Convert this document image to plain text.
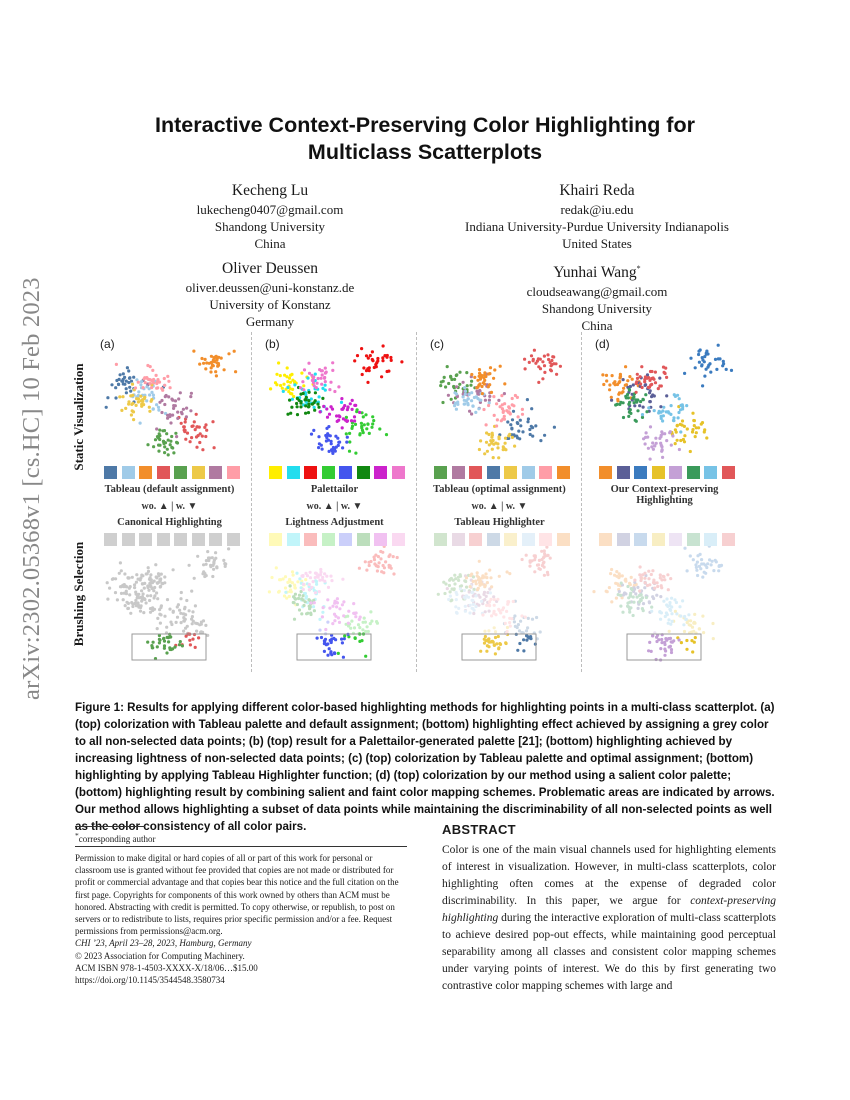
arXiv:2302.05368v1 [cs.HC] 10 Feb 2023
Interactive Context-Preserving Color Highlighting for
Multiclass Scatterplots
Kecheng Lu
lukecheng0407@gmail.com
Shandong University
China
Khairi Reda
redak@iu.edu
Indiana University-Purdue University Indianapolis
United States
Oliver Deussen
oliver.deussen@uni-konstanz.de
University of Konstanz
Germany
Yunhai Wang*
cloudseawang@gmail.com
Shandong University
China
Static Visualization
Brushing Selection
(a)
Tableau (default assignment)
wo. ▲ | w. ▼
Canonical Highlighting
(b)
Palettailor
wo. ▲ | w. ▼
Lightness Adjustment
(c)
Tableau (optimal assignment)
wo. ▲ | w. ▼
Tableau Highlighter
(d)
Our Context-preserving Highlighting
Figure 1: Results for applying different color-based highlighting methods for highlighting points in a multi-class scatterplot. (a) (top) colorization with Tableau palette and default assignment; (bottom) highlighting effect achieved by assigning a grey color to all non-selected data points; (b) (top) result for a Palettailor-generated palette [21]; (bottom) highlighting achieved by increasing lightness of non-selected data points; (c) (top) colorization by Tableau palette and optimal assignment; (bottom) highlighting by applying Tableau Highlighter function; (d) (top) colorization by our method using a salient color palette; (bottom) highlighting result by combining salient and faint color mapping schemes. Problematic areas are indicated by arrows. Our method allows highlighting a subset of data points while maintaining the discriminability of all non-selected points as well as the color consistency of all color pairs.
*corresponding author
Permission to make digital or hard copies of all or part of this work for personal or classroom use is granted without fee provided that copies are not made or distributed for profit or commercial advantage and that copies bear this notice and the full citation on the first page. Copyrights for components of this work owned by others than ACM must be honored. Abstracting with credit is permitted. To copy otherwise, or republish, to post on servers or to redistribute to lists, requires prior specific permission and/or a fee. Request permissions from permissions@acm.org.
CHI ’23, April 23–28, 2023, Hamburg, Germany
© 2023 Association for Computing Machinery.
ACM ISBN 978-1-4503-XXXX-X/18/06…$15.00
https://doi.org/10.1145/3544548.3580734
ABSTRACT
Color is one of the main visual channels used for highlighting elements of interest in visualization. However, in multi-class scatterplots, color highlighting often comes at the expense of degraded color discriminability. In this paper, we argue for context-preserving highlighting during the interactive exploration of multi-class scatterplots to achieve desired pop-out effects, while maintaining good perceptual separability among all classes and consistent color mapping schemes under varying points of interest. We do this by first generating two contrastive color mapping schemes with large and
